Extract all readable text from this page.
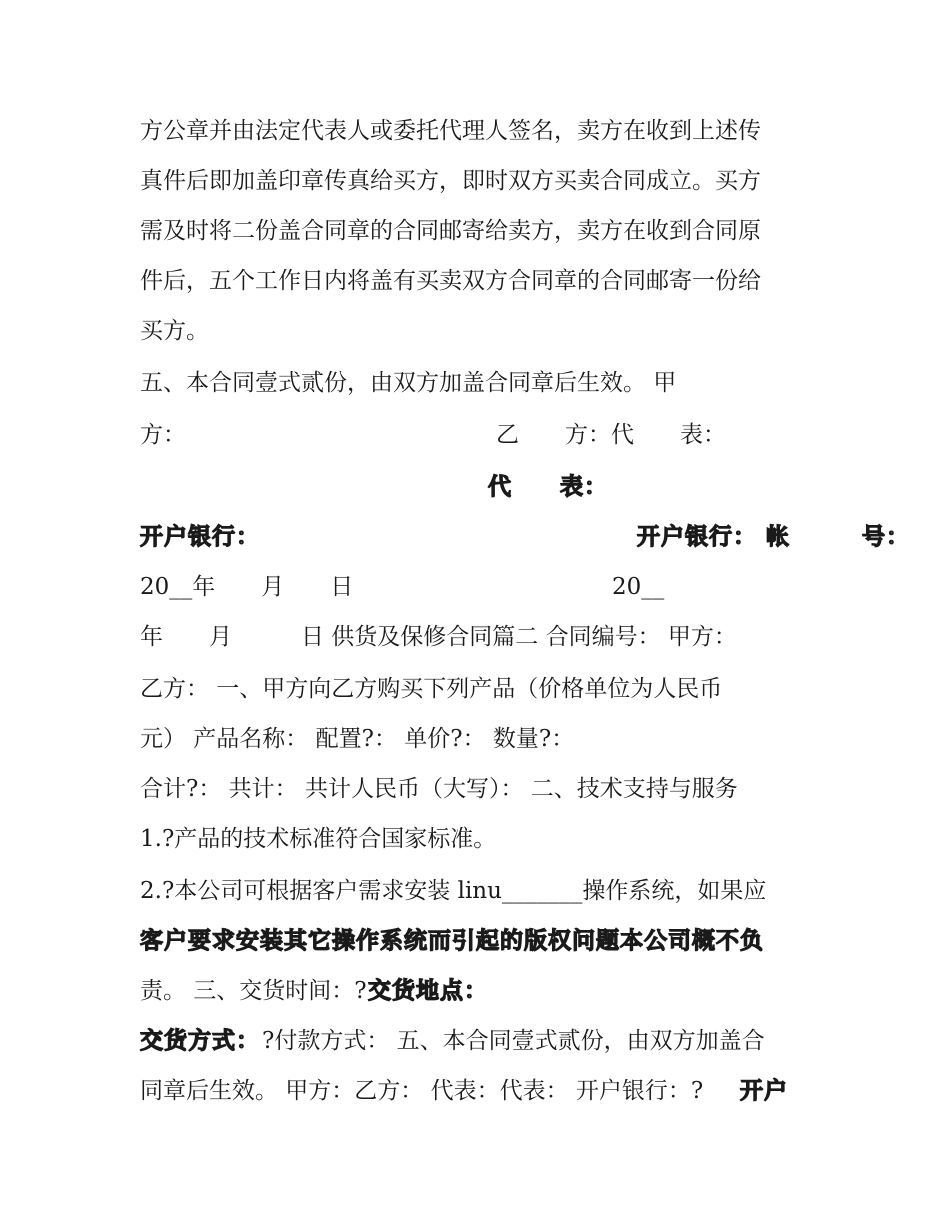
方公章并由法定代表人或委托代理人签名，卖方在收到上述传
真件后即加盖印章传真给买方，即时双方买卖合同成立。买方
需及时将二份盖合同章的合同邮寄给卖方，卖方在收到合同原
件后，五个工作日内将盖有买卖双方合同章的合同邮寄一份给
买方。
五、本合同壹式贰份，由双方加盖合同章后生效。 甲
方：	乙　　方：代　　表：
代　　表：
开户银行：	开户银行： 帐　　　号：
20__年　　月　　日	20__
年　　月　　　日 供货及保修合同篇二 合同编号： 甲方：
乙方： 一、甲方向乙方购买下列产品（价格单位为人民币
元） 产品名称： 配置?： 单价?： 数量?：
合计?： 共计： 共计人民币（大写）： 二、技术支持与服务
1.?产品的技术标准符合国家标准。
2.?本公司可根据客户需求安装 linu_______操作系统，如果应
客户要求安装其它操作系统而引起的版权问题本公司概不负
责。 三、交货时间：? 交货地点：
交货方式： ?付款方式： 五、本合同壹式贰份，由双方加盖合
同章后生效。 甲方：乙方： 代表：代表： 开户银行：? 开户
